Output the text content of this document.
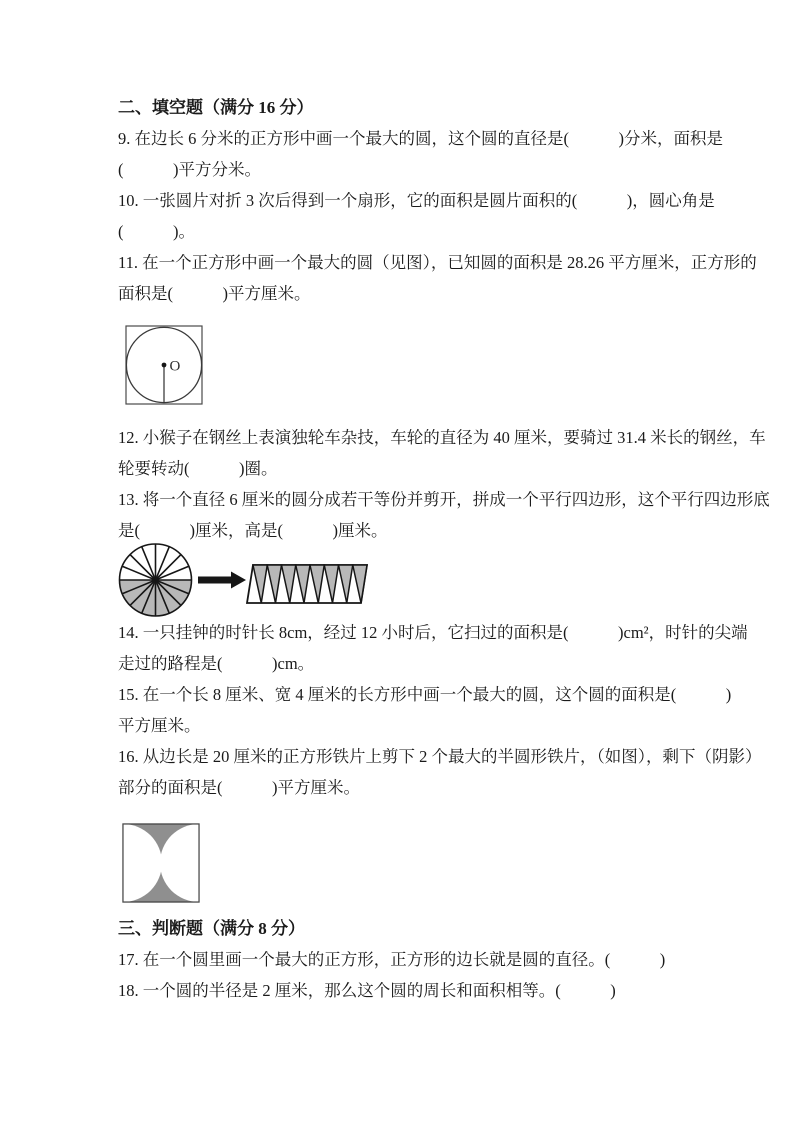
二、填空题（满分 16 分）
9. 在边长 6 分米的正方形中画一个最大的圆，这个圆的直径是(            )分米，面积是
(            )平方分米。
10. 一张圆片对折 3 次后得到一个扇形，它的面积是圆片面积的(            )，圆心角是
(            )。
11. 在一个正方形中画一个最大的圆（见图），已知圆的面积是 28.26 平方厘米，正方形的
面积是(            )平方厘米。
O
12. 小猴子在钢丝上表演独轮车杂技，车轮的直径为 40 厘米，要骑过 31.4 米长的钢丝，车
轮要转动(            )圈。
13. 将一个直径 6 厘米的圆分成若干等份并剪开，拼成一个平行四边形，这个平行四边形底
是(            )厘米，高是(            )厘米。
14. 一只挂钟的时针长 8cm，经过 12 小时后，它扫过的面积是(            )cm²，时针的尖端
走过的路程是(            )cm。
15. 在一个长 8 厘米、宽 4 厘米的长方形中画一个最大的圆，这个圆的面积是(            )
平方厘米。
16. 从边长是 20 厘米的正方形铁片上剪下 2 个最大的半圆形铁片，（如图），剩下（阴影）
部分的面积是(            )平方厘米。
三、判断题（满分 8 分）
17. 在一个圆里画一个最大的正方形，正方形的边长就是圆的直径。(            )
18. 一个圆的半径是 2 厘米，那么这个圆的周长和面积相等。(            )
